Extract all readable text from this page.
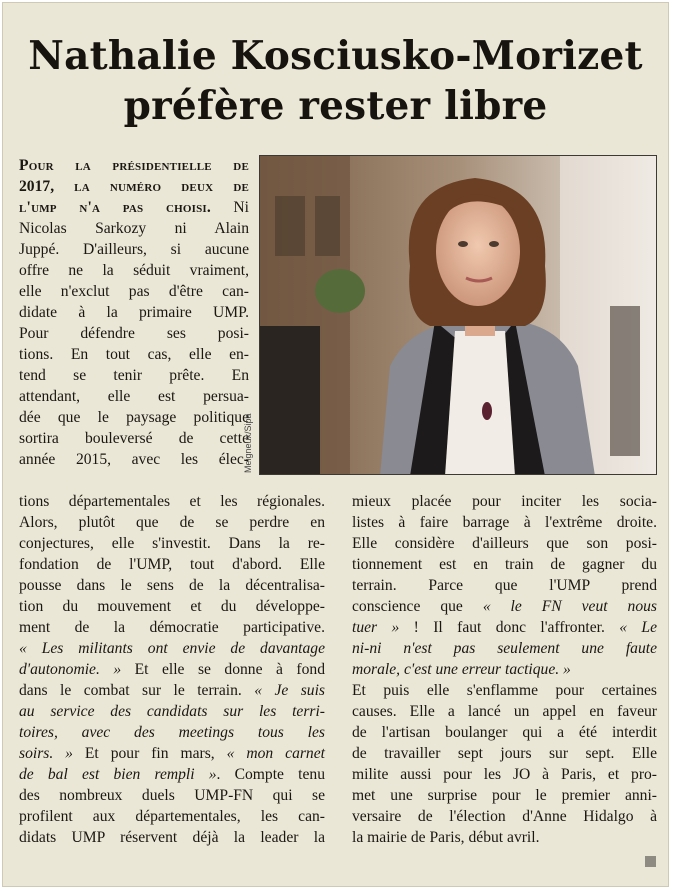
Nathalie Kosciusko-Morizet
préfère rester libre
Pour la présidentielle de
2017, la numéro deux de
l'ump n'a pas choisi. Ni
Nicolas Sarkozy ni Alain
Juppé. D'ailleurs, si aucune
offre ne la séduit vraiment,
elle n'exclut pas d'être can-
didate à la primaire UMP.
Pour défendre ses posi-
tions. En tout cas, elle en-
tend se tenir prête. En
attendant, elle est persua-
dée que le paysage politique
sortira bouleversé de cette
année 2015, avec les élec-
tions départementales et les régionales.
Alors, plutôt que de se perdre en
conjectures, elle s'investit. Dans la re-
fondation de l'UMP, tout d'abord. Elle
pousse dans le sens de la décentralisa-
tion du mouvement et du développe-
ment de la démocratie participative.
« Les militants ont envie de davantage
d'autonomie. » Et elle se donne à fond
dans le combat sur le terrain. « Je suis
au service des candidats sur les terri-
toires, avec des meetings tous les
soirs. » Et pour fin mars, « mon carnet
de bal est bien rempli ». Compte tenu
des nombreux duels UMP-FN qui se
profilent aux départementales, les can-
didats UMP réservent déjà la leader la
mieux placée pour inciter les socia-
listes à faire barrage à l'extrême droite.
Elle considère d'ailleurs que son posi-
tionnement est en train de gagner du
terrain. Parce que l'UMP prend
conscience que « le FN veut nous
tuer » ! Il faut donc l'affronter. « Le
ni-ni n'est pas seulement une faute
morale, c'est une erreur tactique. »
Et puis elle s'enflamme pour certaines
causes. Elle a lancé un appel en faveur
de l'artisan boulanger qui a été interdit
de travailler sept jours sur sept. Elle
milite aussi pour les JO à Paris, et pro-
met une surprise pour le premier anni-
versaire de l'élection d'Anne Hidalgo à
la mairie de Paris, début avril.
Meigneux/Sipa
